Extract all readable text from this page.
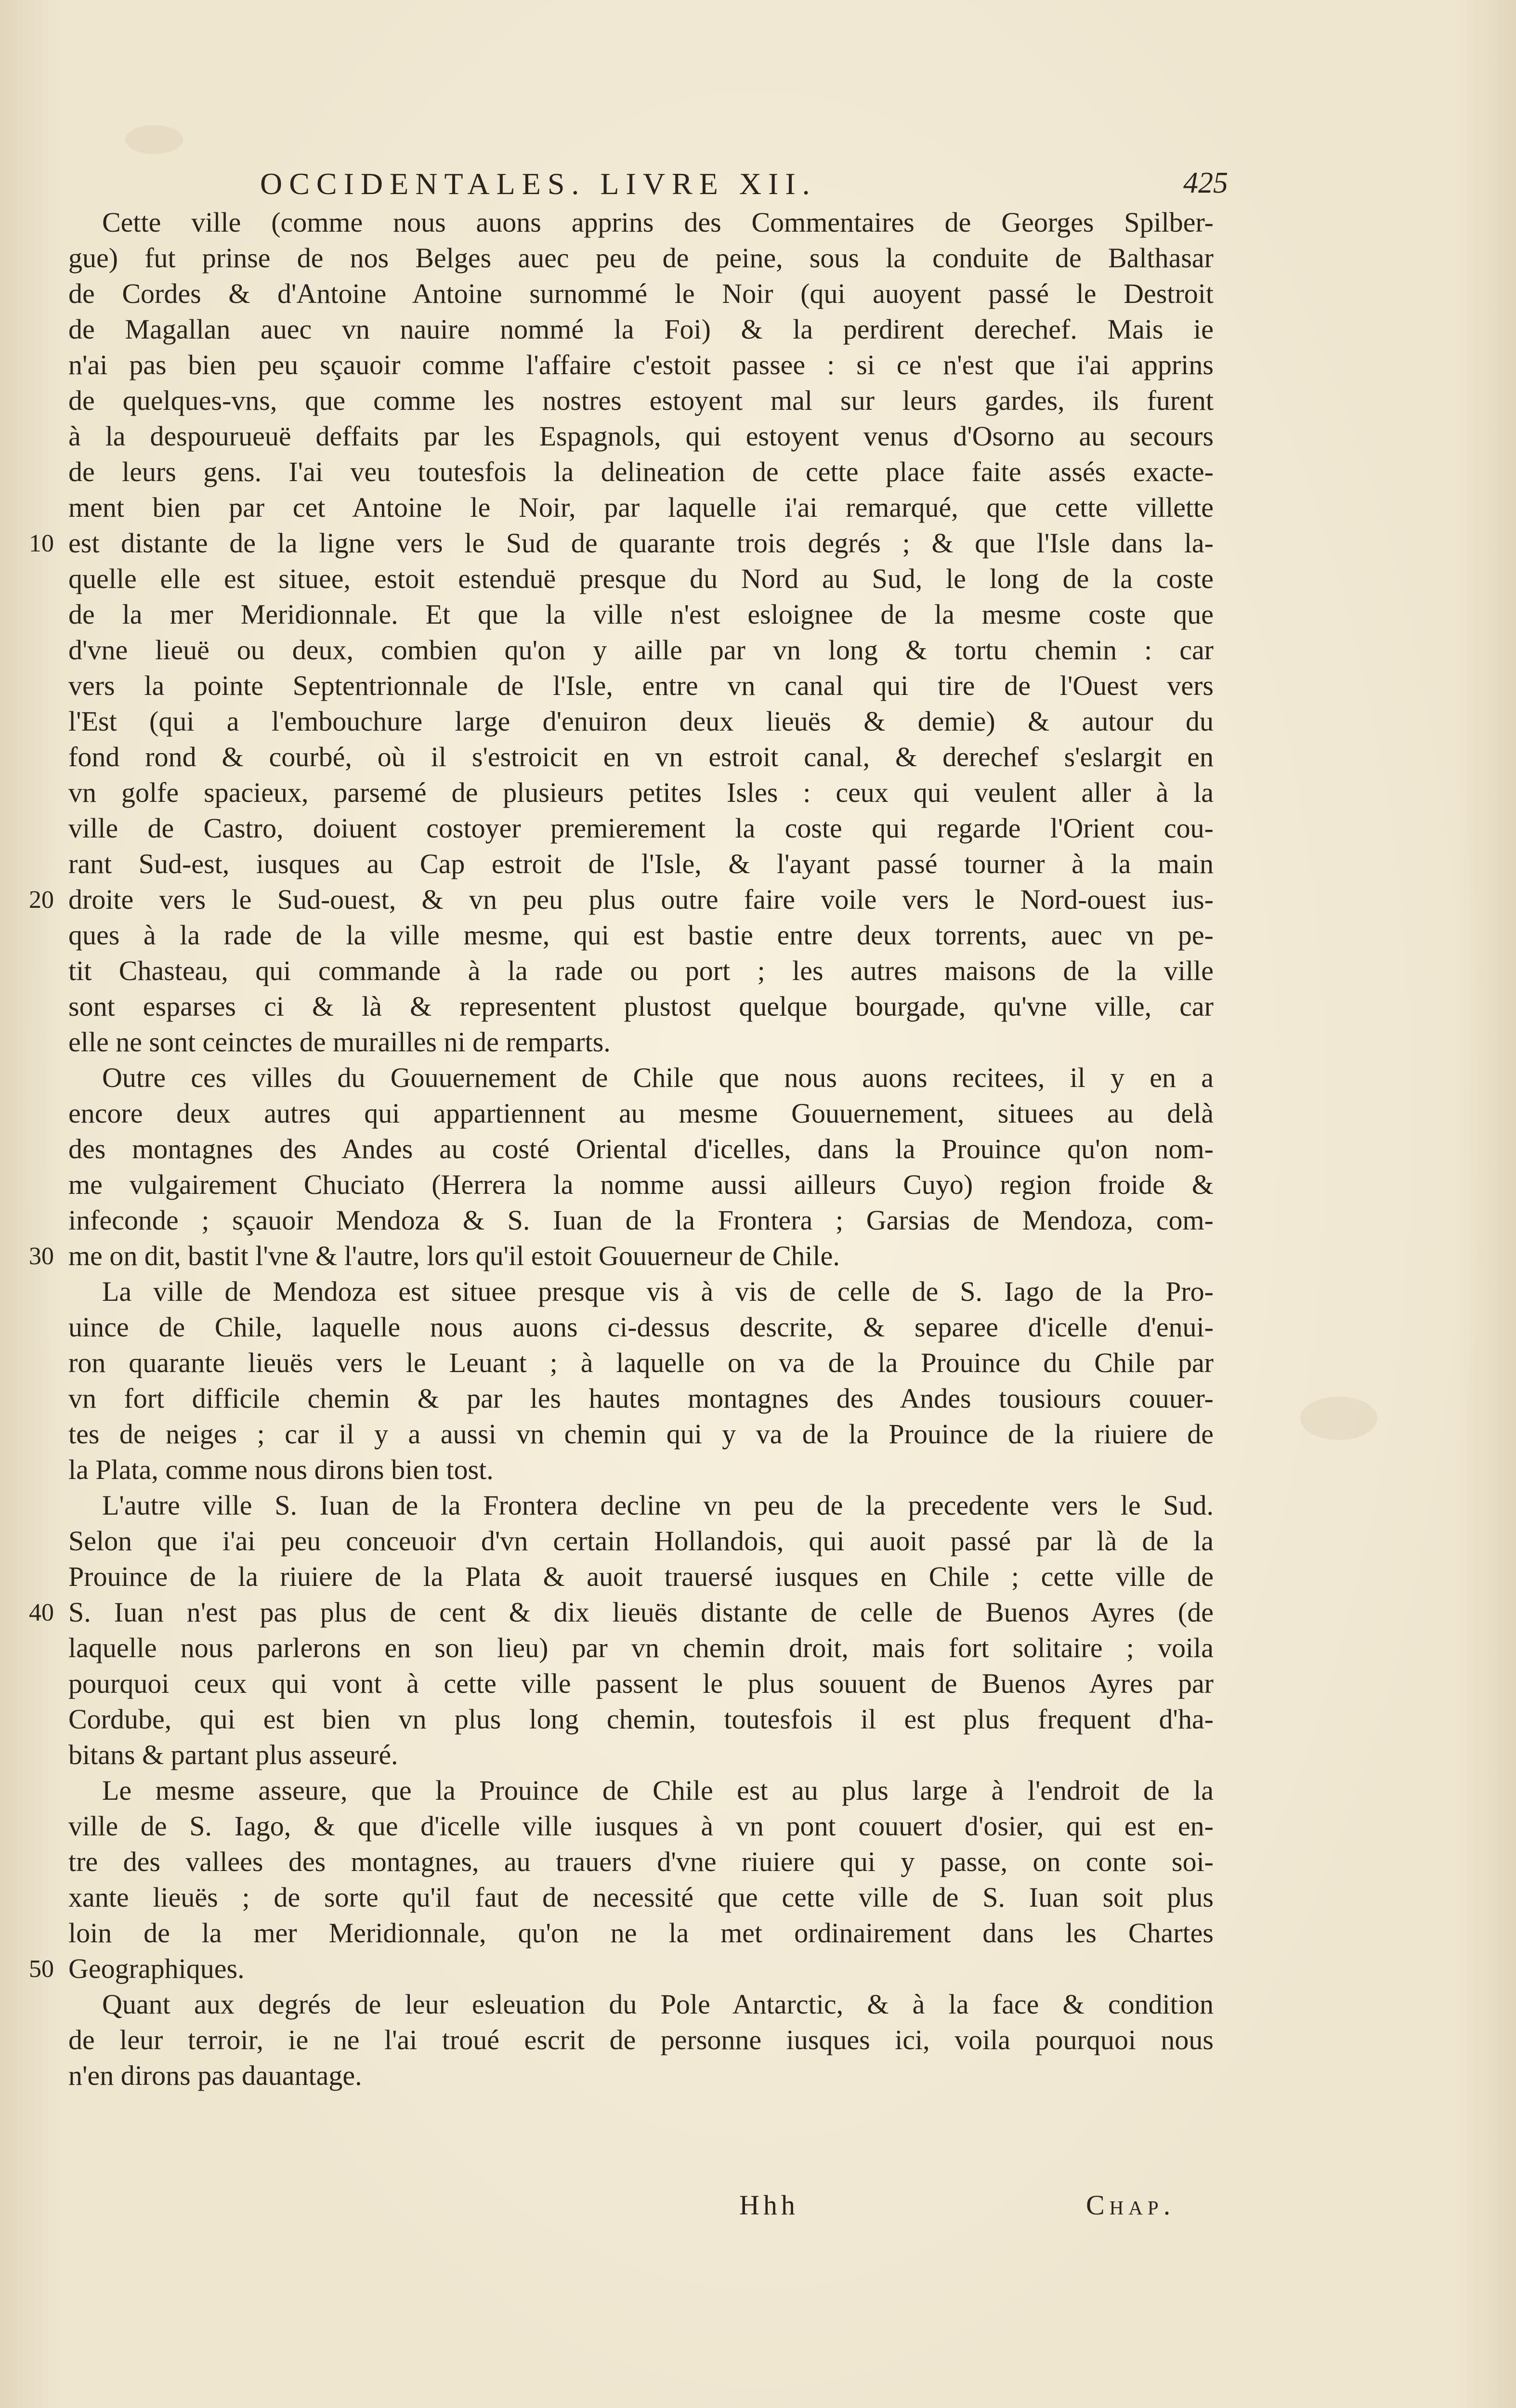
OCCIDENTALES. LIVRE XII.	425
10
20
30
40
50
Cette ville (comme nous auons apprins des Commentaires de Georges Spilber-
gue) fut prinse de nos Belges auec peu de peine, sous la conduite de Balthasar
de Cordes & d'Antoine Antoine surnommé le Noir (qui auoyent passé le Destroit
de Magallan auec vn nauire nommé la Foi) & la perdirent derechef. Mais ie
n'ai pas bien peu sçauoir comme l'affaire c'estoit passee : si ce n'est que i'ai apprins
de quelques-vns, que comme les nostres estoyent mal sur leurs gardes, ils furent
à la despourueuë deffaits par les Espagnols, qui estoyent venus d'Osorno au secours
de leurs gens. I'ai veu toutesfois la delineation de cette place faite assés exacte-
ment bien par cet Antoine le Noir, par laquelle i'ai remarqué, que cette villette
est distante de la ligne vers le Sud de quarante trois degrés ; & que l'Isle dans la-
quelle elle est situee, estoit estenduë presque du Nord au Sud, le long de la coste
de la mer Meridionnale. Et que la ville n'est esloignee de la mesme coste que
d'vne lieuë ou deux, combien qu'on y aille par vn long & tortu chemin : car
vers la pointe Septentrionnale de l'Isle, entre vn canal qui tire de l'Ouest vers
l'Est (qui a l'embouchure large d'enuiron deux lieuës & demie) & autour du
fond rond & courbé, où il s'estroicit en vn estroit canal, & derechef s'eslargit en
vn golfe spacieux, parsemé de plusieurs petites Isles : ceux qui veulent aller à la
ville de Castro, doiuent costoyer premierement la coste qui regarde l'Orient cou-
rant Sud-est, iusques au Cap estroit de l'Isle, & l'ayant passé tourner à la main
droite vers le Sud-ouest, & vn peu plus outre faire voile vers le Nord-ouest ius-
ques à la rade de la ville mesme, qui est bastie entre deux torrents, auec vn pe-
tit Chasteau, qui commande à la rade ou port ; les autres maisons de la ville
sont esparses ci & là & representent plustost quelque bourgade, qu'vne ville, car
elle ne sont ceinctes de murailles ni de remparts.
Outre ces villes du Gouuernement de Chile que nous auons recitees, il y en a
encore deux autres qui appartiennent au mesme Gouuernement, situees au delà
des montagnes des Andes au costé Oriental d'icelles, dans la Prouince qu'on nom-
me vulgairement Chuciato (Herrera la nomme aussi ailleurs Cuyo) region froide &
infeconde ; sçauoir Mendoza & S. Iuan de la Frontera ; Garsias de Mendoza, com-
me on dit, bastit l'vne & l'autre, lors qu'il estoit Gouuerneur de Chile.
La ville de Mendoza est situee presque vis à vis de celle de S. Iago de la Pro-
uince de Chile, laquelle nous auons ci-dessus descrite, & separee d'icelle d'enui-
ron quarante lieuës vers le Leuant ; à laquelle on va de la Prouince du Chile par
vn fort difficile chemin & par les hautes montagnes des Andes tousiours couuer-
tes de neiges ; car il y a aussi vn chemin qui y va de la Prouince de la riuiere de
la Plata, comme nous dirons bien tost.
L'autre ville S. Iuan de la Frontera decline vn peu de la precedente vers le Sud.
Selon que i'ai peu conceuoir d'vn certain Hollandois, qui auoit passé par là de la
Prouince de la riuiere de la Plata & auoit trauersé iusques en Chile ; cette ville de
S. Iuan n'est pas plus de cent & dix lieuës distante de celle de Buenos Ayres (de
laquelle nous parlerons en son lieu) par vn chemin droit, mais fort solitaire ; voila
pourquoi ceux qui vont à cette ville passent le plus souuent de Buenos Ayres par
Cordube, qui est bien vn plus long chemin, toutesfois il est plus frequent d'ha-
bitans & partant plus asseuré.
Le mesme asseure, que la Prouince de Chile est au plus large à l'endroit de la
ville de S. Iago, & que d'icelle ville iusques à vn pont couuert d'osier, qui est en-
tre des vallees des montagnes, au trauers d'vne riuiere qui y passe, on conte soi-
xante lieuës ; de sorte qu'il faut de necessité que cette ville de S. Iuan soit plus
loin de la mer Meridionnale, qu'on ne la met ordinairement dans les Chartes
Geographiques.
Quant aux degrés de leur esleuation du Pole Antarctic, & à la face & condition
de leur terroir, ie ne l'ai troué escrit de personne iusques ici, voila pourquoi nous
n'en dirons pas dauantage.
Hhh	Chap.
